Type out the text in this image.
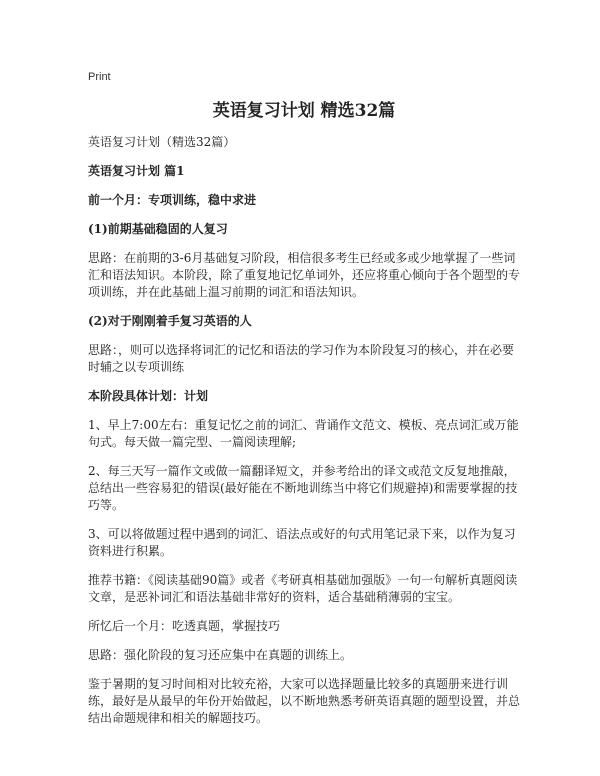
Print
英语复习计划 精选32篇
英语复习计划（精选32篇）
英语复习计划 篇1
前一个月：专项训练，稳中求进
(1)前期基础稳固的人复习
思路：在前期的3-6月基础复习阶段，相信很多考生已经或多或少地掌握了一些词汇和语法知识。本阶段，除了重复地记忆单词外，还应将重心倾向于各个题型的专项训练，并在此基础上温习前期的词汇和语法知识。
(2)对于刚刚着手复习英语的人
思路：，则可以选择将词汇的记忆和语法的学习作为本阶段复习的核心，并在必要时辅之以专项训练
本阶段具体计划：计划
1、早上7:00左右：重复记忆之前的词汇、背诵作文范文、模板、亮点词汇或万能句式。每天做一篇完型、一篇阅读理解;
2、每三天写一篇作文或做一篇翻译短文，并参考给出的译文或范文反复地推敲，总结出一些容易犯的错误(最好能在不断地训练当中将它们规避掉)和需要掌握的技巧等。
3、可以将做题过程中遇到的词汇、语法点或好的句式用笔记录下来，以作为复习资料进行积累。
推荐书籍：《阅读基础90篇》或者《考研真相基础加强版》一句一句解析真题阅读文章，是恶补词汇和语法基础非常好的资料，适合基础稍薄弱的宝宝。
所忆后一个月：吃透真题，掌握技巧
思路：强化阶段的复习还应集中在真题的训练上。
鉴于暑期的复习时间相对比较充裕，大家可以选择题量比较多的真题册来进行训练，最好是从最早的年份开始做起，以不断地熟悉考研英语真题的题型设置，并总结出命题规律和相关的解题技巧。
